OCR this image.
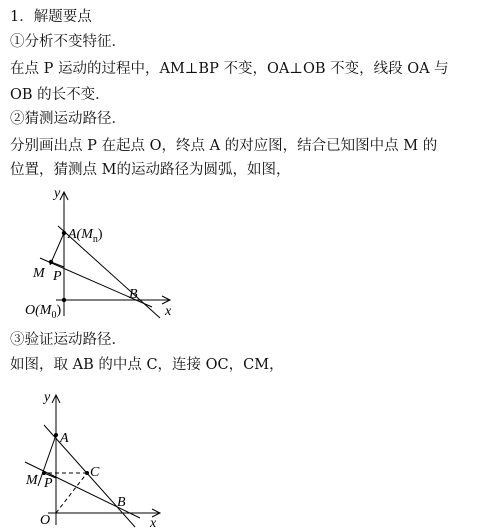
1．解题要点
①分析不变特征．
在点 P 运动的过程中，AM⊥BP 不变，OA⊥OB 不变，线段 OA 与
OB 的长不变．
②猜测运动路径．
分别画出点 P 在起点 O，终点 A 的对应图，结合已知图中点 M 的
位置，猜测点 M的运动路径为圆弧，如图，
y
x
$A(M_n)$
M P
$O(M_0)$
B
③验证运动路径．
如图，取 AB 的中点 C，连接 OC，CM，
y
x
A
C
M P
O
B
